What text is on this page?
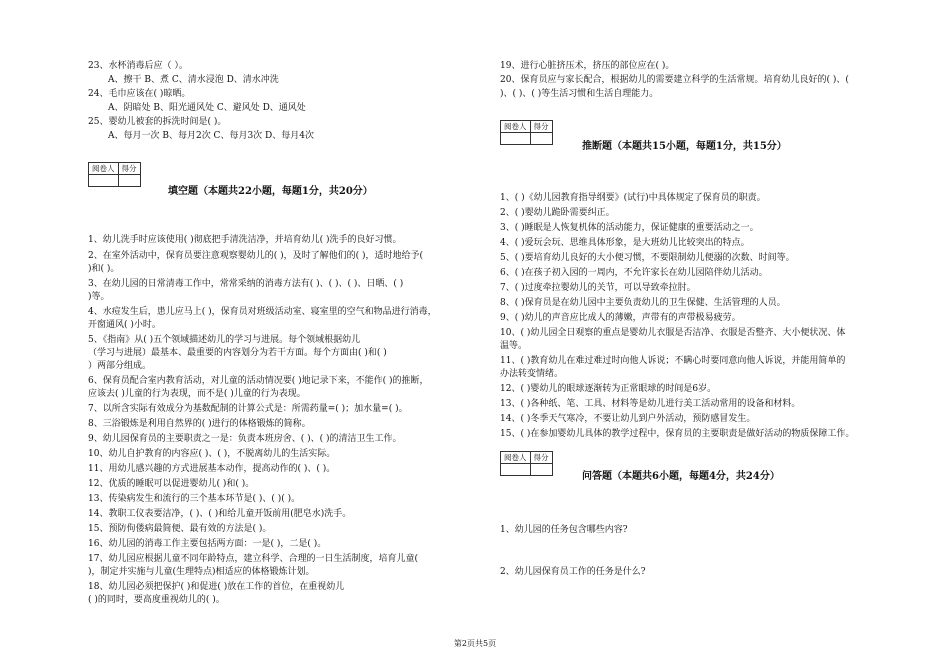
23、水杯消毒后应（ ）。
A、擦干 B、煮 C、清水浸泡 D、清水冲洗
24、毛巾应该在( )晾晒。
A、阴暗处 B、阳光通风处 C、避风处 D、通风处
25、婴幼儿被套的拆洗时间是( )。
A、每月一次 B、每月2次 C、每月3次 D、每月4次
阅卷人	得分

填空题（本题共22小题，每题1分，共20分）
1、幼儿洗手时应该使用( )彻底把手清洗洁净，并培育幼儿( )洗手的良好习惯。
2、在室外活动中，保育员要注意观察婴幼儿的( )，及时了解他们的( )，适时地给予(
)和( )。
3、在幼儿园的日常清毒工作中，常常采纳的消毒方法有( )、( )、( )、日晒、( )
)等。
4、水痘发生后，患儿应马上( )，保育员对班级活动室、寝室里的空气和物品进行消毒，
开窗通风( )小时。
5、《指南》从( )五个领域描述幼儿的学习与进展。每个领域根据幼儿
（学习与进展）最基本、最重要的内容划分为若干方面。每个方面由( )和( )
）两部分组成。
6、保育员配合室内教育活动，对儿童的活动情况要( )地记录下来，不能作( )的推断，
应该去( )儿童的行为表现，而不是( )儿童的行为表现。
7、以所含实际有效成分为基数配制的计算公式是：所需药量=( )；加水量=( )。
8、三浴锻炼是利用自然界的( )进行的体格锻炼的简称。
9、幼儿园保育员的主要职责之一是：负责本班房舍、( )、( )的清洁卫生工作。
10、幼儿自护教育的内容应( )、( )，不脱离幼儿的生活实际。
11、用幼儿感兴趣的方式进展基本动作，提高动作的( )、( )。
12、优质的睡眠可以促进婴幼儿( )和( )。
13、传染病发生和流行的三个基本环节是( )、( )( )。
14、教职工仪表要洁净，( )、( )和给儿童开饭前用(肥皂水)洗手。
15、预防佝偻病最简便、最有效的方法是( )。
16、幼儿园的消毒工作主要包括两方面：一是( )，二是( )。
17、幼儿园应根据儿童不同年龄特点，建立科学、合理的一日生活制度，培育儿童(
)，制定并实施与儿童(生理特点)相适应的体格锻炼计划。
18、幼儿园必须把保护( )和促进( )放在工作的首位，在重视幼儿
( )的同时，要高度重视幼儿的( )。
19、进行心脏挤压术，挤压的部位应在( )。
20、保育员应与家长配合，根据幼儿的需要建立科学的生活常规。培育幼儿良好的( )、(
)、( )、( )等生活习惯和生活自理能力。
阅卷人	得分

推断题（本题共15小题，每题1分，共15分）
1、( )《幼儿园教育指导纲要》(试行)中具体规定了保育员的职责。
2、( )婴幼儿跪卧需要纠正。
3、( )睡眠是人恢复机体的活动能力，保证健康的重要活动之一。
4、( )爱玩会玩、思维具体形象，是大班幼儿比较突出的特点。
5、( )要培育幼儿良好的大小便习惯，不要限制幼儿便溺的次数、时间等。
6、( )在孩子初入园的一周内，不允许家长在幼儿园陪伴幼儿活动。
7、( )过度牵拉婴幼儿的关节，可以导致牵拉肘。
8、( )保育员是在幼儿园中主要负责幼儿的卫生保健、生活管理的人员。
9、( )幼儿的声音应比成人的薄嫩，声带有的声带极易疲劳。
10、( )幼儿园全日观察的重点是婴幼儿衣服是否洁净、衣服是否整齐、大小便状况、体
温等。
11、( )教育幼儿在难过难过时向他人诉说；不瞒心时要同意向他人诉说，并能用简单的
办法转变情绪。
12、( )婴幼儿的眼球逐渐转为正常眼球的时间是6岁。
13、( )各种纸、笔、工具、材料等是幼儿进行美工活动常用的设备和材料。
14、( )冬季天气寒冷，不要让幼儿到户外活动，预防感冒发生。
15、( )在参加婴幼儿具体的教学过程中，保育员的主要职责是做好活动的物质保障工作。
阅卷人	得分

问答题（本题共6小题，每题4分，共24分）
1、幼儿园的任务包含哪些内容?
2、幼儿园保育员工作的任务是什么?
第2页共5页
